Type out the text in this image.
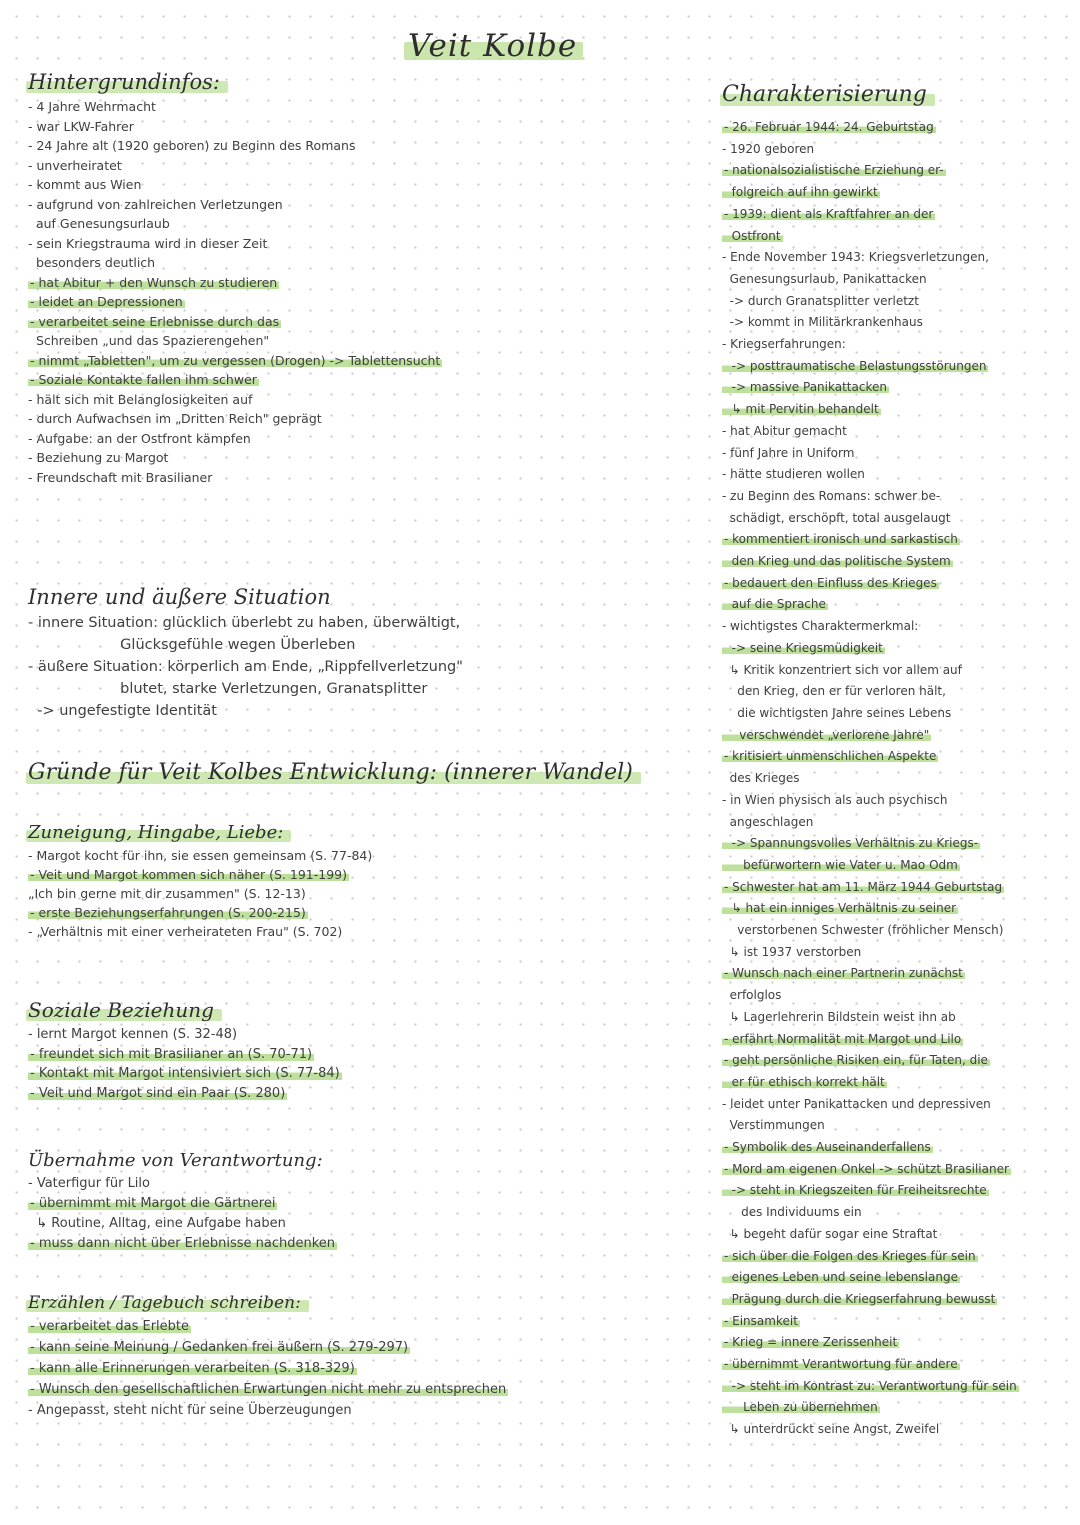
Veit Kolbe
Hintergrundinfos:
- 4 Jahre Wehrmacht
- war LKW-Fahrer
- 24 Jahre alt (1920 geboren) zu Beginn des Romans
- unverheiratet
- kommt aus Wien
- aufgrund von zahlreichen Verletzungen
auf Genesungsurlaub
- sein Kriegstrauma wird in dieser Zeit
besonders deutlich
- hat Abitur + den Wunsch zu studieren
- leidet an Depressionen
- verarbeitet seine Erlebnisse durch das
Schreiben „und das Spazierengehen"
- nimmt „Tabletten", um zu vergessen (Drogen) -> Tablettensucht
- Soziale Kontakte fallen ihm schwer
- hält sich mit Belanglosigkeiten auf
- durch Aufwachsen im „Dritten Reich" geprägt
- Aufgabe: an der Ostfront kämpfen
- Beziehung zu Margot
- Freundschaft mit Brasilianer
Innere und äußere Situation
- innere Situation: glücklich überlebt zu haben, überwältigt,
Glücksgefühle wegen Überleben
- äußere Situation: körperlich am Ende, „Rippfellverletzung"
blutet, starke Verletzungen, Granatsplitter
-> ungefestigte Identität
Gründe für Veit Kolbes Entwicklung: (innerer Wandel)
Zuneigung, Hingabe, Liebe:
- Margot kocht für ihn, sie essen gemeinsam (S. 77-84)
- Veit und Margot kommen sich näher (S. 191-199)
„Ich bin gerne mit dir zusammen" (S. 12-13)
- erste Beziehungserfahrungen (S. 200-215)
- „Verhältnis mit einer verheirateten Frau" (S. 702)
Soziale Beziehung
- lernt Margot kennen (S. 32-48)
- freundet sich mit Brasilianer an (S. 70-71)
- Kontakt mit Margot intensiviert sich (S. 77-84)
- Veit und Margot sind ein Paar (S. 280)
Übernahme von Verantwortung:
- Vaterfigur für Lilo
- übernimmt mit Margot die Gärtnerei
↳ Routine, Alltag, eine Aufgabe haben
- muss dann nicht über Erlebnisse nachdenken
Erzählen / Tagebuch schreiben:
- verarbeitet das Erlebte
- kann seine Meinung / Gedanken frei äußern (S. 279-297)
- kann alle Erinnerungen verarbeiten (S. 318-329)
- Wunsch den gesellschaftlichen Erwartungen nicht mehr zu entsprechen
- Angepasst, steht nicht für seine Überzeugungen
Charakterisierung
- 26. Februar 1944: 24. Geburtstag
- 1920 geboren
- nationalsozialistische Erziehung er-
folgreich auf ihn gewirkt
- 1939: dient als Kraftfahrer an der
Ostfront
- Ende November 1943: Kriegsverletzungen,
Genesungsurlaub, Panikattacken
-> durch Granatsplitter verletzt
-> kommt in Militärkrankenhaus
- Kriegserfahrungen:
-> posttraumatische Belastungsstörungen
-> massive Panikattacken
↳ mit Pervitin behandelt
- hat Abitur gemacht
- fünf Jahre in Uniform
- hätte studieren wollen
- zu Beginn des Romans: schwer be-
schädigt, erschöpft, total ausgelaugt
- kommentiert ironisch und sarkastisch
den Krieg und das politische System
- bedauert den Einfluss des Krieges
auf die Sprache
- wichtigstes Charaktermerkmal:
-> seine Kriegsmüdigkeit
↳ Kritik konzentriert sich vor allem auf
den Krieg, den er für verloren hält,
die wichtigsten Jahre seines Lebens
verschwendet „verlorene Jahre"
- kritisiert unmenschlichen Aspekte
des Krieges
- in Wien physisch als auch psychisch
angeschlagen
-> Spannungsvolles Verhältnis zu Kriegs-
befürwortern wie Vater u. Mao Odm
- Schwester hat am 11. März 1944 Geburtstag
↳ hat ein inniges Verhältnis zu seiner
verstorbenen Schwester (fröhlicher Mensch)
↳ ist 1937 verstorben
- Wunsch nach einer Partnerin zunächst
erfolglos
↳ Lagerlehrerin Bildstein weist ihn ab
- erfährt Normalität mit Margot und Lilo
- geht persönliche Risiken ein, für Taten, die
er für ethisch korrekt hält
- leidet unter Panikattacken und depressiven
Verstimmungen
- Symbolik des Auseinanderfallens
- Mord am eigenen Onkel -> schützt Brasilianer
-> steht in Kriegszeiten für Freiheitsrechte
des Individuums ein
↳ begeht dafür sogar eine Straftat
- sich über die Folgen des Krieges für sein
eigenes Leben und seine lebenslange
Prägung durch die Kriegserfahrung bewusst
- Einsamkeit
- Krieg = innere Zerissenheit
- übernimmt Verantwortung für andere
-> steht im Kontrast zu: Verantwortung für sein
Leben zu übernehmen
↳ unterdrückt seine Angst, Zweifel
